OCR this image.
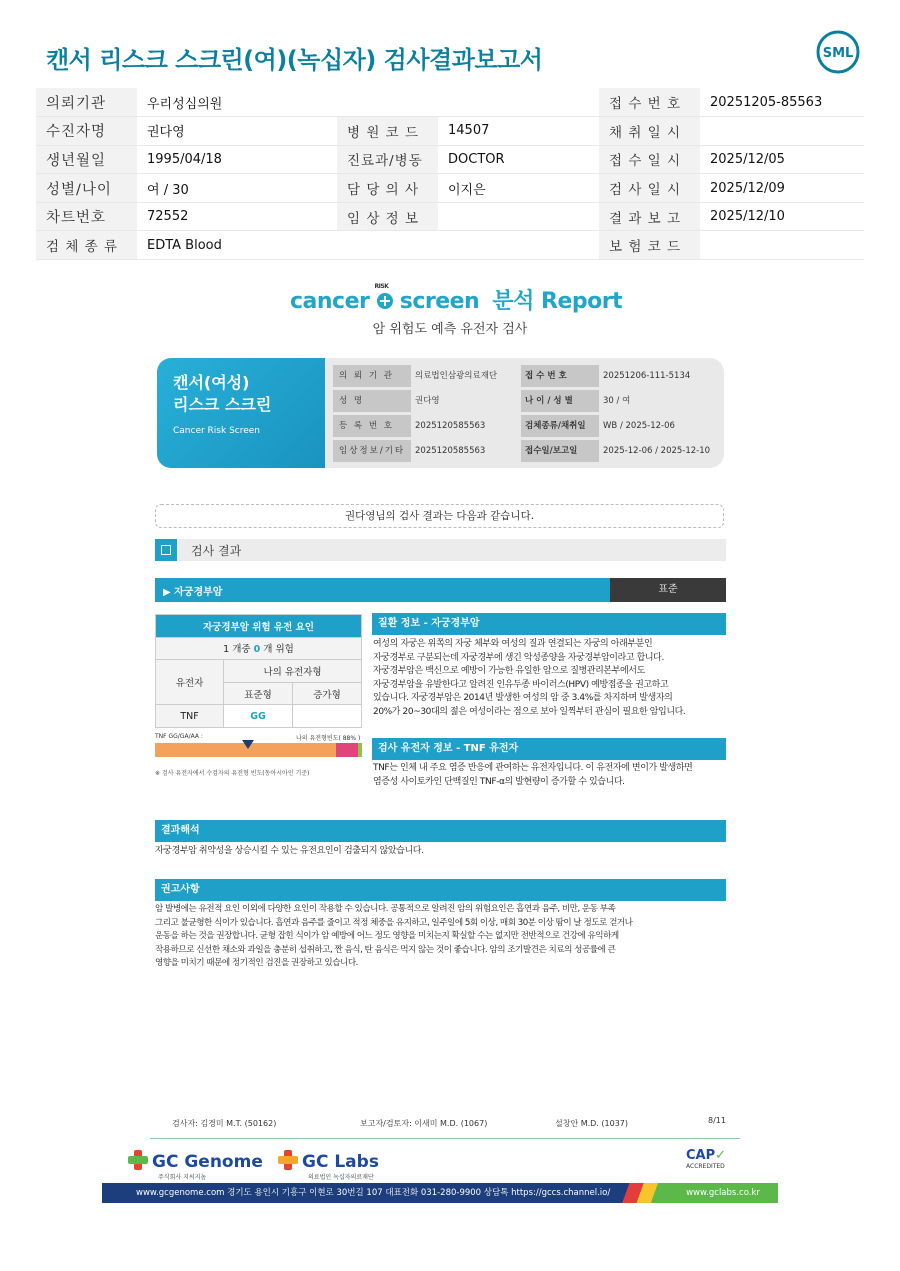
캔서 리스크 스크린(여)(녹십자) 검사결과보고서	SML
의뢰기관	우리성심의원			접 수 번 호	20251205-85563
수진자명	권다영	병 원 코 드	14507	채 취 일 시	
생년월일	1995/04/18	진료과/병동	DOCTOR	접 수 일 시	2025/12/05
성별/나이	여 / 30	담 당 의 사	이지은	검 사 일 시	2025/12/09
차트번호	72552	임 상 정 보		결 과 보 고	2025/12/10
검 체 종 류	EDTA Blood			보 험 코 드	
cancer
RISK
screen 분석 Report
암 위험도 예측 유전자 검사
캔서(여성)
리스크 스크린
Cancer Risk Screen
의 뢰 기 관	의료법인삼광의료재단	접 수 번 호	20251206-111-5134
성 명	권다영	나 이 / 성 별	30 / 여
등 록 번 호	2025120585563	검체종류/채취일	WB / 2025-12-06
임상정보/기타	2025120585563	접수일/보고일	2025-12-06 / 2025-12-10
권다영님의 검사 결과는 다음과 같습니다.
검사 결과
▶ 자궁경부암	표준
자궁경부암 위험 유전 요인		
1 개중 0 개 위험		
유전자	나의 유전자형	
	표준형	증가형
TNF	GG	
TNF GG/GA/AA :	나의 유전형빈도( 88% )
※ 검사 유전자에서 수검자의 유전형 빈도(동아시아인 기준)
질환 정보 - 자궁경부암
여성의 자궁은 위쪽의 자궁 체부와 여성의 질과 연결되는 자궁의 아래부분인
자궁경부로 구분되는데 자궁경부에 생긴 악성종양을 자궁경부암이라고 합니다.
자궁경부암은 백신으로 예방이 가능한 유일한 암으로 질병관리본부에서도
자궁경부암을 유발한다고 알려진 인유두종 바이러스(HPV) 예방접종을 권고하고
있습니다. 자궁경부암은 2014년 발생한 여성의 암 중 3.4%를 차지하며 발생자의
20%가 20~30대의 젊은 여성이라는 점으로 보아 일찍부터 관심이 필요한 암입니다.
검사 유전자 정보 - TNF 유전자
TNF는 인체 내 주요 염증 반응에 관여하는 유전자입니다. 이 유전자에 변이가 발생하면
염증성 사이토카인 단백질인 TNF-α의 발현량이 증가할 수 있습니다.
결과해석
자궁경부암 취약성을 상승시킬 수 있는 유전요인이 검출되지 않았습니다.
권고사항
암 발병에는 유전적 요인 이외에 다양한 요인이 작용할 수 있습니다. 공통적으로 알려진 암의 위험요인은 흡연과 음주, 비만, 운동 부족
그리고 불균형한 식이가 있습니다. 흡연과 음주를 줄이고 적정 체중을 유지하고, 일주일에 5회 이상, 매회 30분 이상 땀이 날 정도로 걷거나
운동을 하는 것을 권장합니다. 균형 잡힌 식이가 암 예방에 어느 정도 영향을 미치는지 확실할 수는 없지만 전반적으로 건강에 유익하게
작용하므로 신선한 채소와 과일을 충분히 섭취하고, 짠 음식, 탄 음식은 먹지 않는 것이 좋습니다. 암의 조기발견은 치료의 성공률에 큰
영향을 미치기 때문에 정기적인 검진을 권장하고 있습니다.
검사자: 김경미 M.T. (50162)	보고자/검토자: 이새미 M.D. (1067)	설창안 M.D. (1037)	8/11
GC Genome
주식회사 지씨지놈
GC Labs
의료법인 녹십자의료재단
CAP✓
ACCREDITED
www.gcgenome.com 경기도 용인시 기흥구 이현로 30번길 107 대표전화 031-280-9900 상담톡 https://gccs.channel.io/	www.gclabs.co.kr
